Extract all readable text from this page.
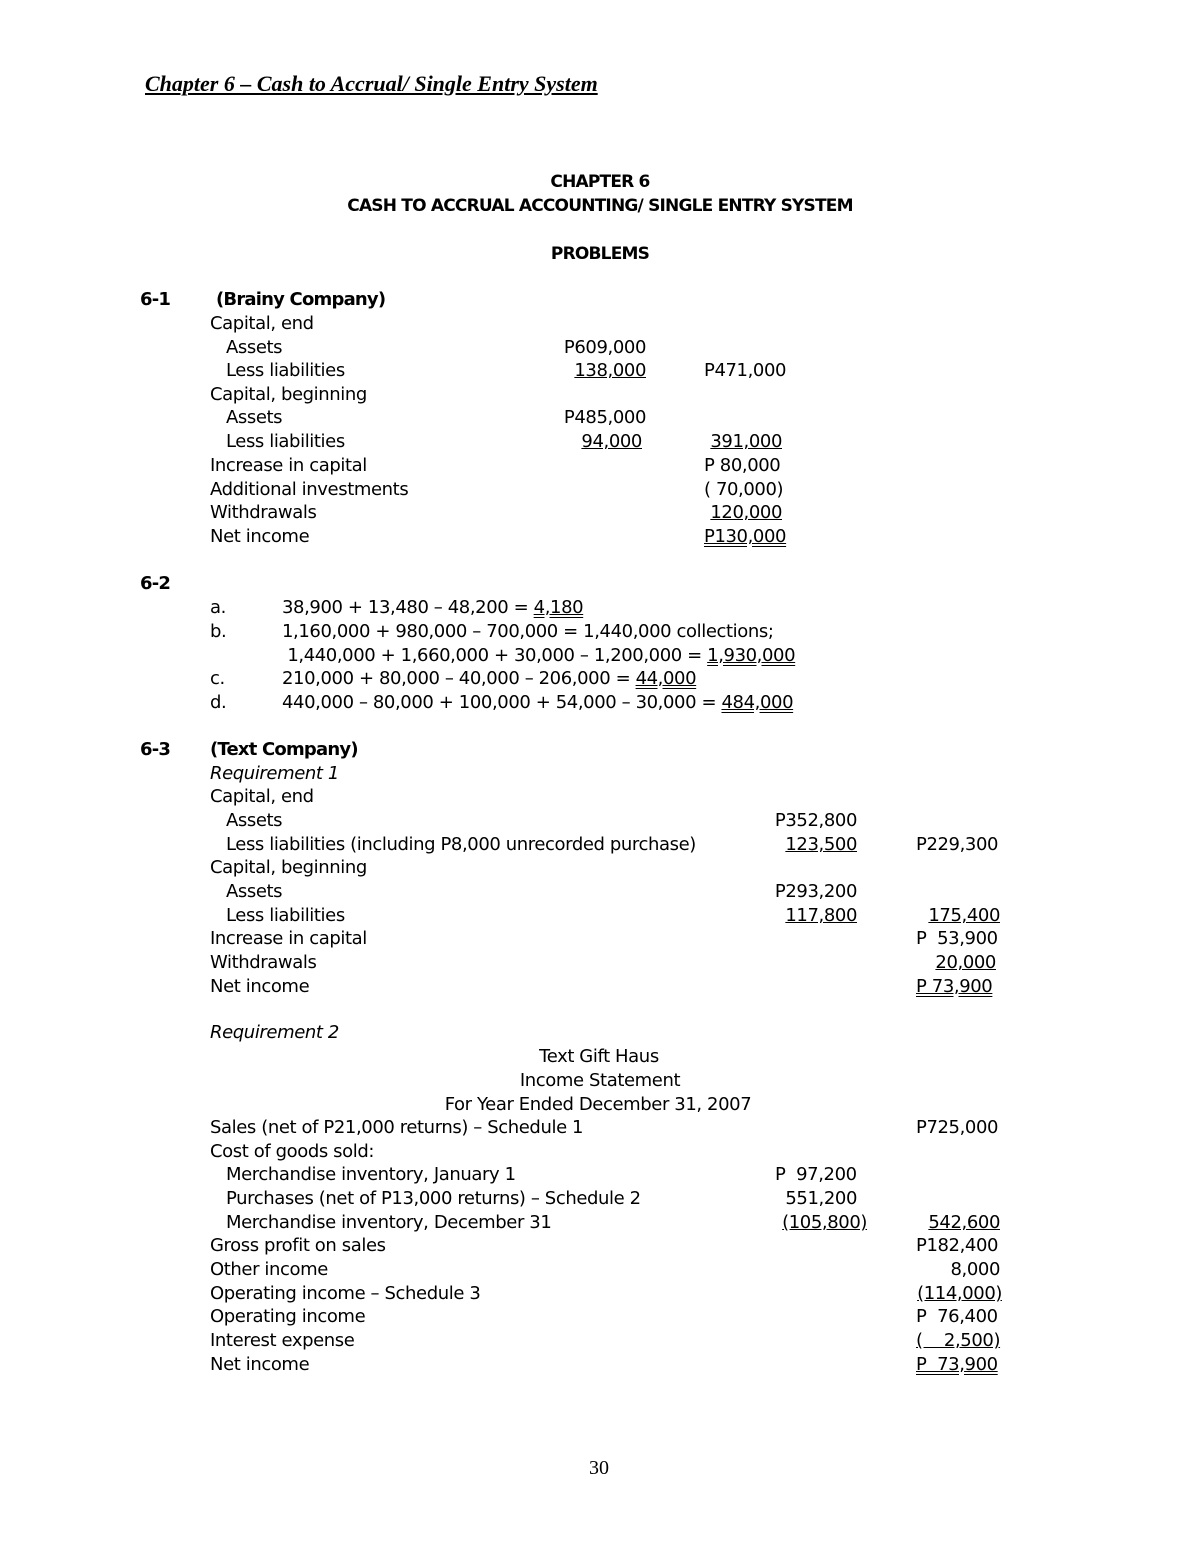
Chapter 6 – Cash to Accrual/ Single Entry System
CHAPTER 6
CASH TO ACCRUAL ACCOUNTING/ SINGLE ENTRY SYSTEM
PROBLEMS
6-1	(Brainy Company)
Capital, end
Assets	P609,000
Less liabilities	138,000	P471,000
Capital, beginning
Assets	P485,000
Less liabilities	94,000	391,000
Increase in capital	P 80,000
Additional investments	( 70,000)
Withdrawals	120,000
Net income	P130,000
6-2
a.	38,900 + 13,480 – 48,200 = 4,180
b.	1,160,000 + 980,000 – 700,000 = 1,440,000 collections;
1,440,000 + 1,660,000 + 30,000 – 1,200,000 = 1,930,000
c.	210,000 + 80,000 – 40,000 – 206,000 = 44,000
d.	440,000 – 80,000 + 100,000 + 54,000 – 30,000 = 484,000
6-3 (Text Company)
Requirement 1
Capital, end
Assets	P352,800
Less liabilities (including P8,000 unrecorded purchase)	123,500	P229,300
Capital, beginning
Assets	P293,200
Less liabilities	117,800	175,400
Increase in capital	P  53,900
Withdrawals	20,000
Net income	P 73,900
Requirement 2
Text Gift Haus
Income Statement
For Year Ended December 31, 2007
Sales (net of P21,000 returns) – Schedule 1	P725,000
Cost of goods sold:
Merchandise inventory, January 1	P  97,200
Purchases (net of P13,000 returns) – Schedule 2	551,200
Merchandise inventory, December 31	(105,800)	542,600
Gross profit on sales	P182,400
Other income	8,000
Operating income – Schedule 3	(114,000)
Operating income	P  76,400
Interest expense	(    2,500)
Net income	P  73,900
30
